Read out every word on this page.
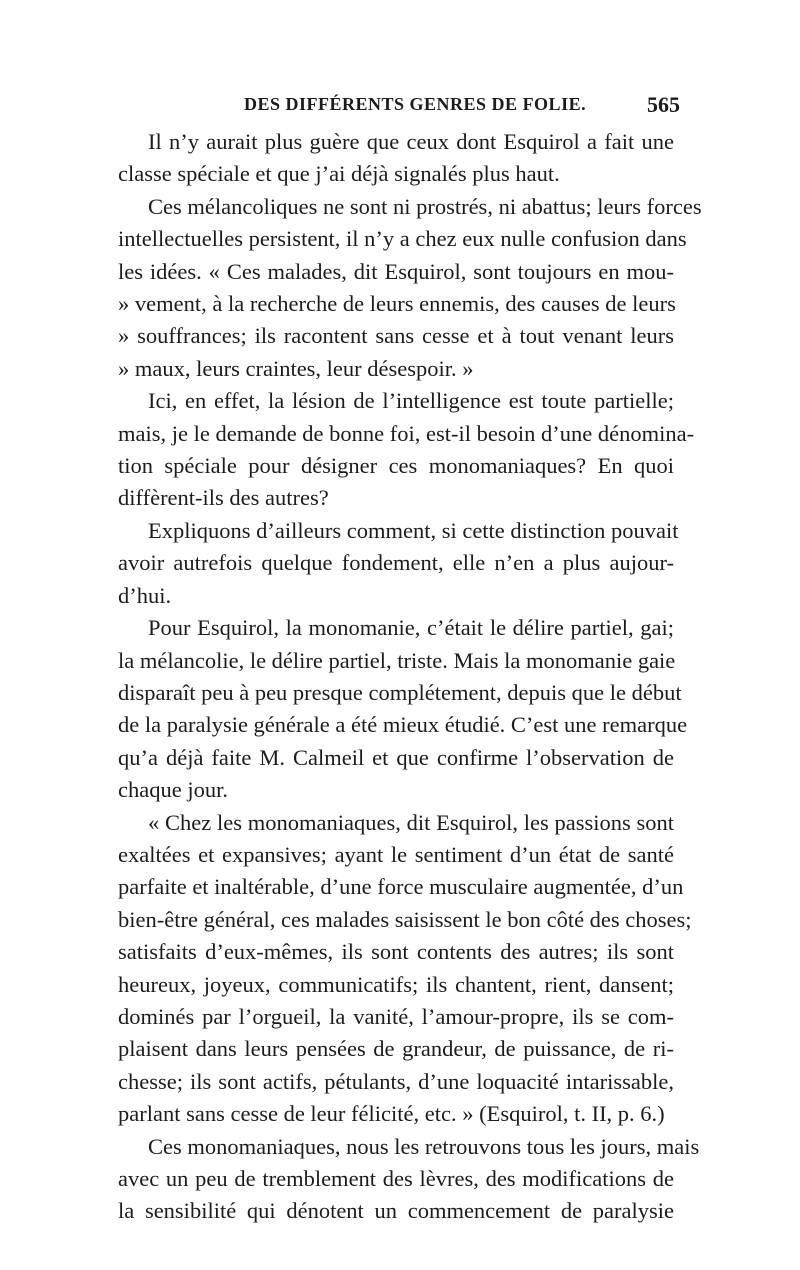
DES DIFFÉRENTS GENRES DE FOLIE.	565
Il n’y aurait plus guère que ceux dont Esquirol a fait une
classe spéciale et que j’ai déjà signalés plus haut.
Ces mélancoliques ne sont ni prostrés, ni abattus; leurs forces
intellectuelles persistent, il n’y a chez eux nulle confusion dans
les idées. « Ces malades, dit Esquirol, sont toujours en mou-
» vement, à la recherche de leurs ennemis, des causes de leurs
» souffrances; ils racontent sans cesse et à tout venant leurs
» maux, leurs craintes, leur désespoir. »
Ici, en effet, la lésion de l’intelligence est toute partielle;
mais, je le demande de bonne foi, est-il besoin d’une dénomina-
tion spéciale pour désigner ces monomaniaques? En quoi
diffèrent-ils des autres?
Expliquons d’ailleurs comment, si cette distinction pouvait
avoir autrefois quelque fondement, elle n’en a plus aujour-
d’hui.
Pour Esquirol, la monomanie, c’était le délire partiel, gai;
la mélancolie, le délire partiel, triste. Mais la monomanie gaie
disparaît peu à peu presque complétement, depuis que le début
de la paralysie générale a été mieux étudié. C’est une remarque
qu’a déjà faite M. Calmeil et que confirme l’observation de
chaque jour.
« Chez les monomaniaques, dit Esquirol, les passions sont
exaltées et expansives; ayant le sentiment d’un état de santé
parfaite et inaltérable, d’une force musculaire augmentée, d’un
bien-être général, ces malades saisissent le bon côté des choses;
satisfaits d’eux-mêmes, ils sont contents des autres; ils sont
heureux, joyeux, communicatifs; ils chantent, rient, dansent;
dominés par l’orgueil, la vanité, l’amour-propre, ils se com-
plaisent dans leurs pensées de grandeur, de puissance, de ri-
chesse; ils sont actifs, pétulants, d’une loquacité intarissable,
parlant sans cesse de leur félicité, etc. » (Esquirol, t. II, p. 6.)
Ces monomaniaques, nous les retrouvons tous les jours, mais
avec un peu de tremblement des lèvres, des modifications de
la sensibilité qui dénotent un commencement de paralysie
